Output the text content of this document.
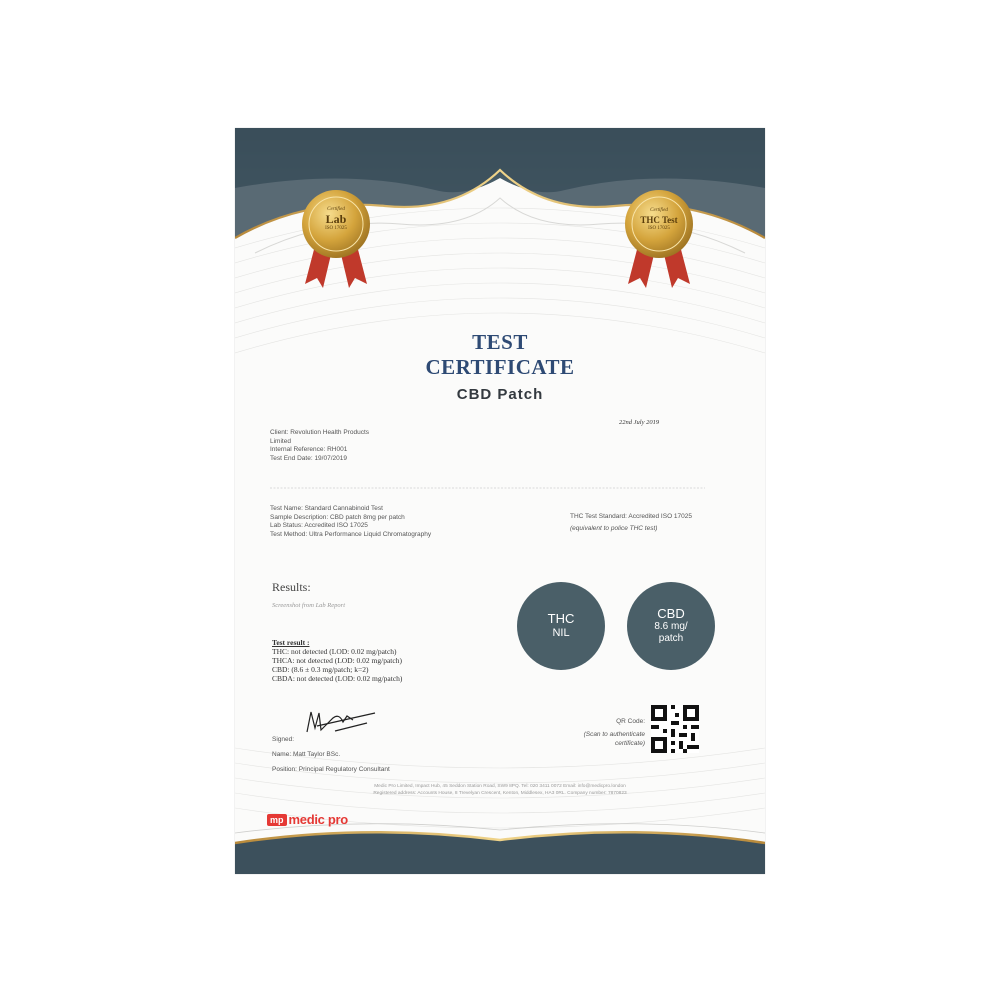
Certified
Lab
ISO 17025
Certified
THC Test
ISO 17025
TEST
CERTIFICATE
CBD Patch
22nd July 2019
Client: Revolution Health Products
Limited
Internal Reference: RH001
Test End Date: 19/07/2019
Test Name: Standard Cannabinoid Test
Sample Description: CBD patch 8mg per patch
Lab Status: Accredited ISO 17025
Test Method: Ultra Performance Liquid Chromatography
THC Test Standard: Accredited ISO 17025
(equivalent to police THC test)
Results:
Screenshot from Lab Report
Test result :
THC: not detected (LOD: 0.02 mg/patch)
THCA: not detected (LOD: 0.02 mg/patch)
CBD: (8.6 ± 0.3 mg/patch; k=2)
CBDA: not detected (LOD: 0.02 mg/patch)
THC
NIL
CBD
8.6 mg/
patch
Signed:
Name: Matt Taylor BSc.
Position: Principal Regulatory Consultant
QR Code:
(Scan to authenticate
certificate)
Medic Pro Limited, Impact Hub, 45 Seddon Station Road, SW9 8PQ. Tel: 020 3411 0072 Email: info@medicpro.london
Registered address: Accounts House, 8 Trevelyan Crescent, Kenton, Middlesex, HA3 0RL. Company number: 7870823
mp medic pro
